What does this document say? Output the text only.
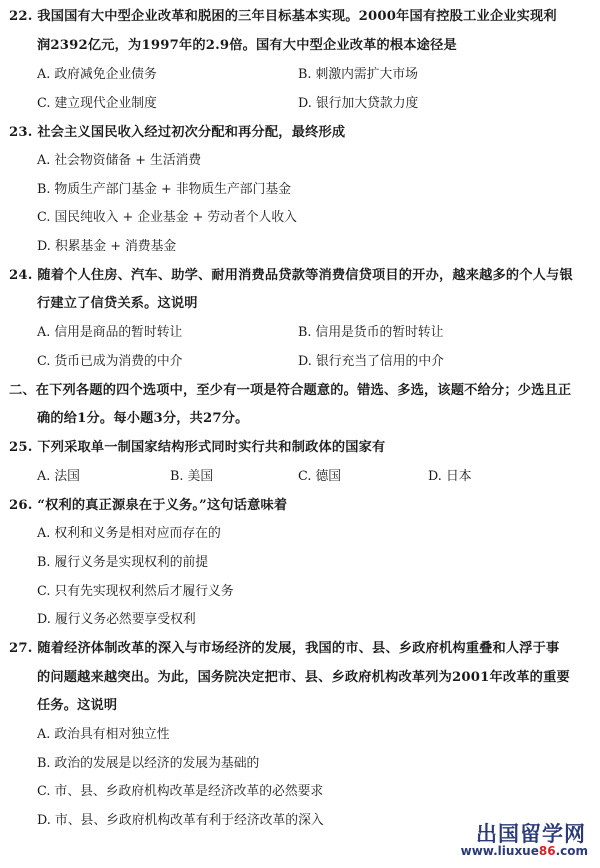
22. 我国国有大中型企业改革和脱困的三年目标基本实现。2000年国有控股工业企业实现利
润2392亿元，为1997年的2.9倍。国有大中型企业改革的根本途径是
A. 政府减免企业债务	B. 刺激内需扩大市场
C. 建立现代企业制度	D. 银行加大贷款力度
23. 社会主义国民收入经过初次分配和再分配，最终形成
A. 社会物资储备 + 生活消费
B. 物质生产部门基金 + 非物质生产部门基金
C. 国民纯收入 + 企业基金 + 劳动者个人收入
D. 积累基金 + 消费基金
24. 随着个人住房、汽车、助学、耐用消费品贷款等消费信贷项目的开办，越来越多的个人与银
行建立了信贷关系。这说明
A. 信用是商品的暂时转让	B. 信用是货币的暂时转让
C. 货币已成为消费的中介	D. 银行充当了信用的中介
二、在下列各题的四个选项中，至少有一项是符合题意的。错选、多选，该题不给分；少选且正
确的给1分。每小题3分，共27分。
25. 下列采取单一制国家结构形式同时实行共和制政体的国家有
A. 法国	B. 美国	C. 德国	D. 日本
26. “权利的真正源泉在于义务。”这句话意味着
A. 权利和义务是相对应而存在的
B. 履行义务是实现权利的前提
C. 只有先实现权利然后才履行义务
D. 履行义务必然要享受权利
27. 随着经济体制改革的深入与市场经济的发展，我国的市、县、乡政府机构重叠和人浮于事
的问题越来越突出。为此，国务院决定把市、县、乡政府机构改革列为2001年改革的重要
任务。这说明
A. 政治具有相对独立性
B. 政治的发展是以经济的发展为基础的
C. 市、县、乡政府机构改革是经济改革的必然要求
D. 市、县、乡政府机构改革有利于经济改革的深入
出国留学网
www.liuxue86.com
